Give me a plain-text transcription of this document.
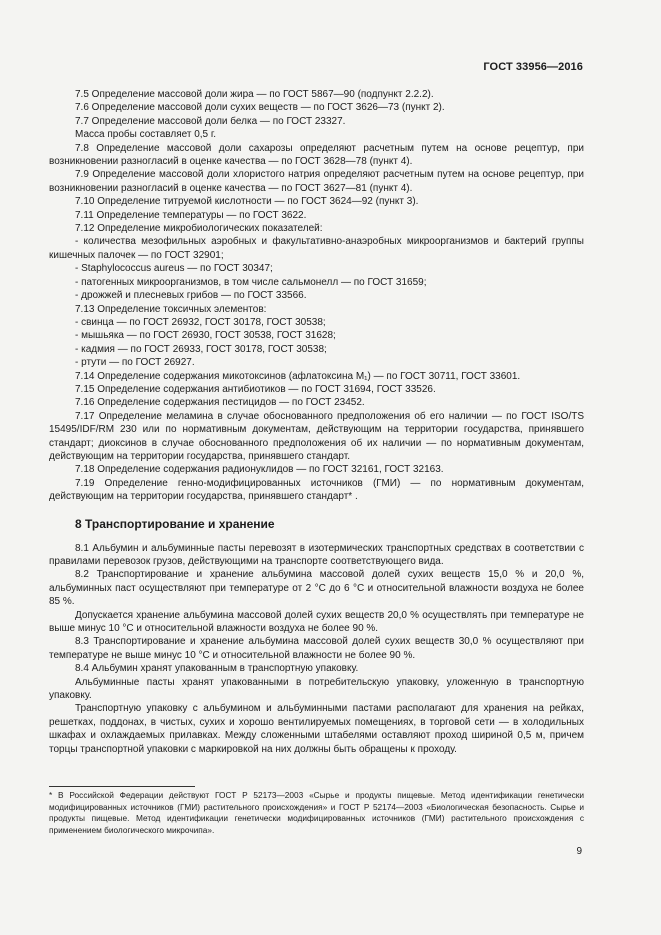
ГОСТ 33956—2016

7.5 Определение массовой доли жира — по ГОСТ 5867—90 (подпункт 2.2.2).

7.6 Определение массовой доли сухих веществ — по ГОСТ 3626—73 (пункт 2).

7.7 Определение массовой доли белка — по ГОСТ 23327.

Масса пробы составляет 0,5 г.

7.8 Определение массовой доли сахарозы определяют расчетным путем на основе рецептур, при возникновении разногласий в оценке качества — по ГОСТ 3628—78 (пункт 4).

7.9 Определение массовой доли хлористого натрия определяют расчетным путем на основе рецептур, при возникновении разногласий в оценке качества — по ГОСТ 3627—81 (пункт 4).

7.10 Определение титруемой кислотности — по ГОСТ 3624—92 (пункт 3).

7.11 Определение температуры — по ГОСТ 3622.

7.12 Определение микробиологических показателей:

- количества мезофильных аэробных и факультативно-анаэробных микроорганизмов и бактерий группы кишечных палочек — по ГОСТ 32901;

- Staphylococcus aureus — по ГОСТ 30347;

- патогенных микроорганизмов, в том числе сальмонелл — по ГОСТ 31659;

- дрожжей и плесневых грибов — по ГОСТ 33566.

7.13 Определение токсичных элементов:

- свинца — по ГОСТ 26932, ГОСТ 30178, ГОСТ 30538;

- мышьяка — по ГОСТ 26930, ГОСТ 30538, ГОСТ 31628;

- кадмия — по ГОСТ 26933, ГОСТ 30178, ГОСТ 30538;

- ртути — по ГОСТ 26927.

7.14 Определение содержания микотоксинов (афлатоксина M₁) — по ГОСТ 30711, ГОСТ 33601.

7.15 Определение содержания антибиотиков — по ГОСТ 31694, ГОСТ 33526.

7.16 Определение содержания пестицидов — по ГОСТ 23452.

7.17 Определение меламина в случае обоснованного предположения об его наличии — по ГОСТ ISO/TS 15495/IDF/RM 230 или по нормативным документам, действующим на территории государства, принявшего стандарт; диоксинов в случае обоснованного предположения об их наличии — по нормативным документам, действующим на территории государства, принявшего стандарт.

7.18 Определение содержания радионуклидов — по ГОСТ 32161, ГОСТ 32163.

7.19 Определение генно-модифицированных источников (ГМИ) — по нормативным документам, действующим на территории государства, принявшего стандарт* .

8 Транспортирование и хранение

8.1 Альбумин и альбуминные пасты перевозят в изотермических транспортных средствах в соответствии с правилами перевозок грузов, действующими на транспорте соответствующего вида.

8.2 Транспортирование и хранение альбумина массовой долей сухих веществ 15,0 % и 20,0 %, альбуминных паст осуществляют при температуре от 2 °C до 6 °C и относительной влажности воздуха не более 85 %.

Допускается хранение альбумина массовой долей сухих веществ 20,0 % осуществлять при температуре не выше минус 10 °C и относительной влажности воздуха не более 90 %.

8.3 Транспортирование и хранение альбумина массовой долей сухих веществ 30,0 % осуществляют при температуре не выше минус 10 °C и относительной влажности не более 90 %.

8.4 Альбумин хранят упакованным в транспортную упаковку.

Альбуминные пасты хранят упакованными в потребительскую упаковку, уложенную в транспортную упаковку.

Транспортную упаковку с альбумином и альбуминными пастами располагают для хранения на рейках, решетках, поддонах, в чистых, сухих и хорошо вентилируемых помещениях, в торговой сети — в холодильных шкафах и охлаждаемых прилавках. Между сложенными штабелями оставляют проход шириной 0,5 м, причем торцы транспортной упаковки с маркировкой на них должны быть обращены к проходу.

* В Российской Федерации действуют ГОСТ Р 52173—2003 «Сырье и продукты пищевые. Метод идентификации генетически модифицированных источников (ГМИ) растительного происхождения» и ГОСТ Р 52174—2003 «Биологическая безопасность. Сырье и продукты пищевые. Метод идентификации генетически модифицированных источников (ГМИ) растительного происхождения с применением биологического микрочипа».
9
